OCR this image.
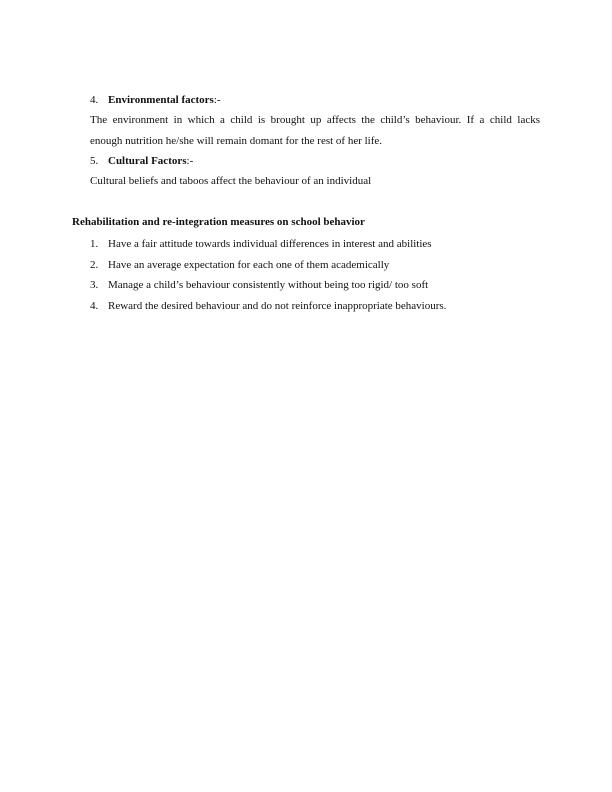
4. Environmental factors:-
The environment in which a child is brought up affects the child’s behaviour. If a child lacks
enough nutrition he/she will remain domant for the rest of her life.
5. Cultural Factors:-
Cultural beliefs and taboos affect the behaviour of an individual
Rehabilitation and re-integration measures on school behavior
1. Have a fair attitude towards individual differences in interest and abilities
2. Have an average expectation for each one of them academically
3. Manage a child’s behaviour consistently without being too rigid/ too soft
4. Reward the desired behaviour and do not reinforce inappropriate behaviours.
